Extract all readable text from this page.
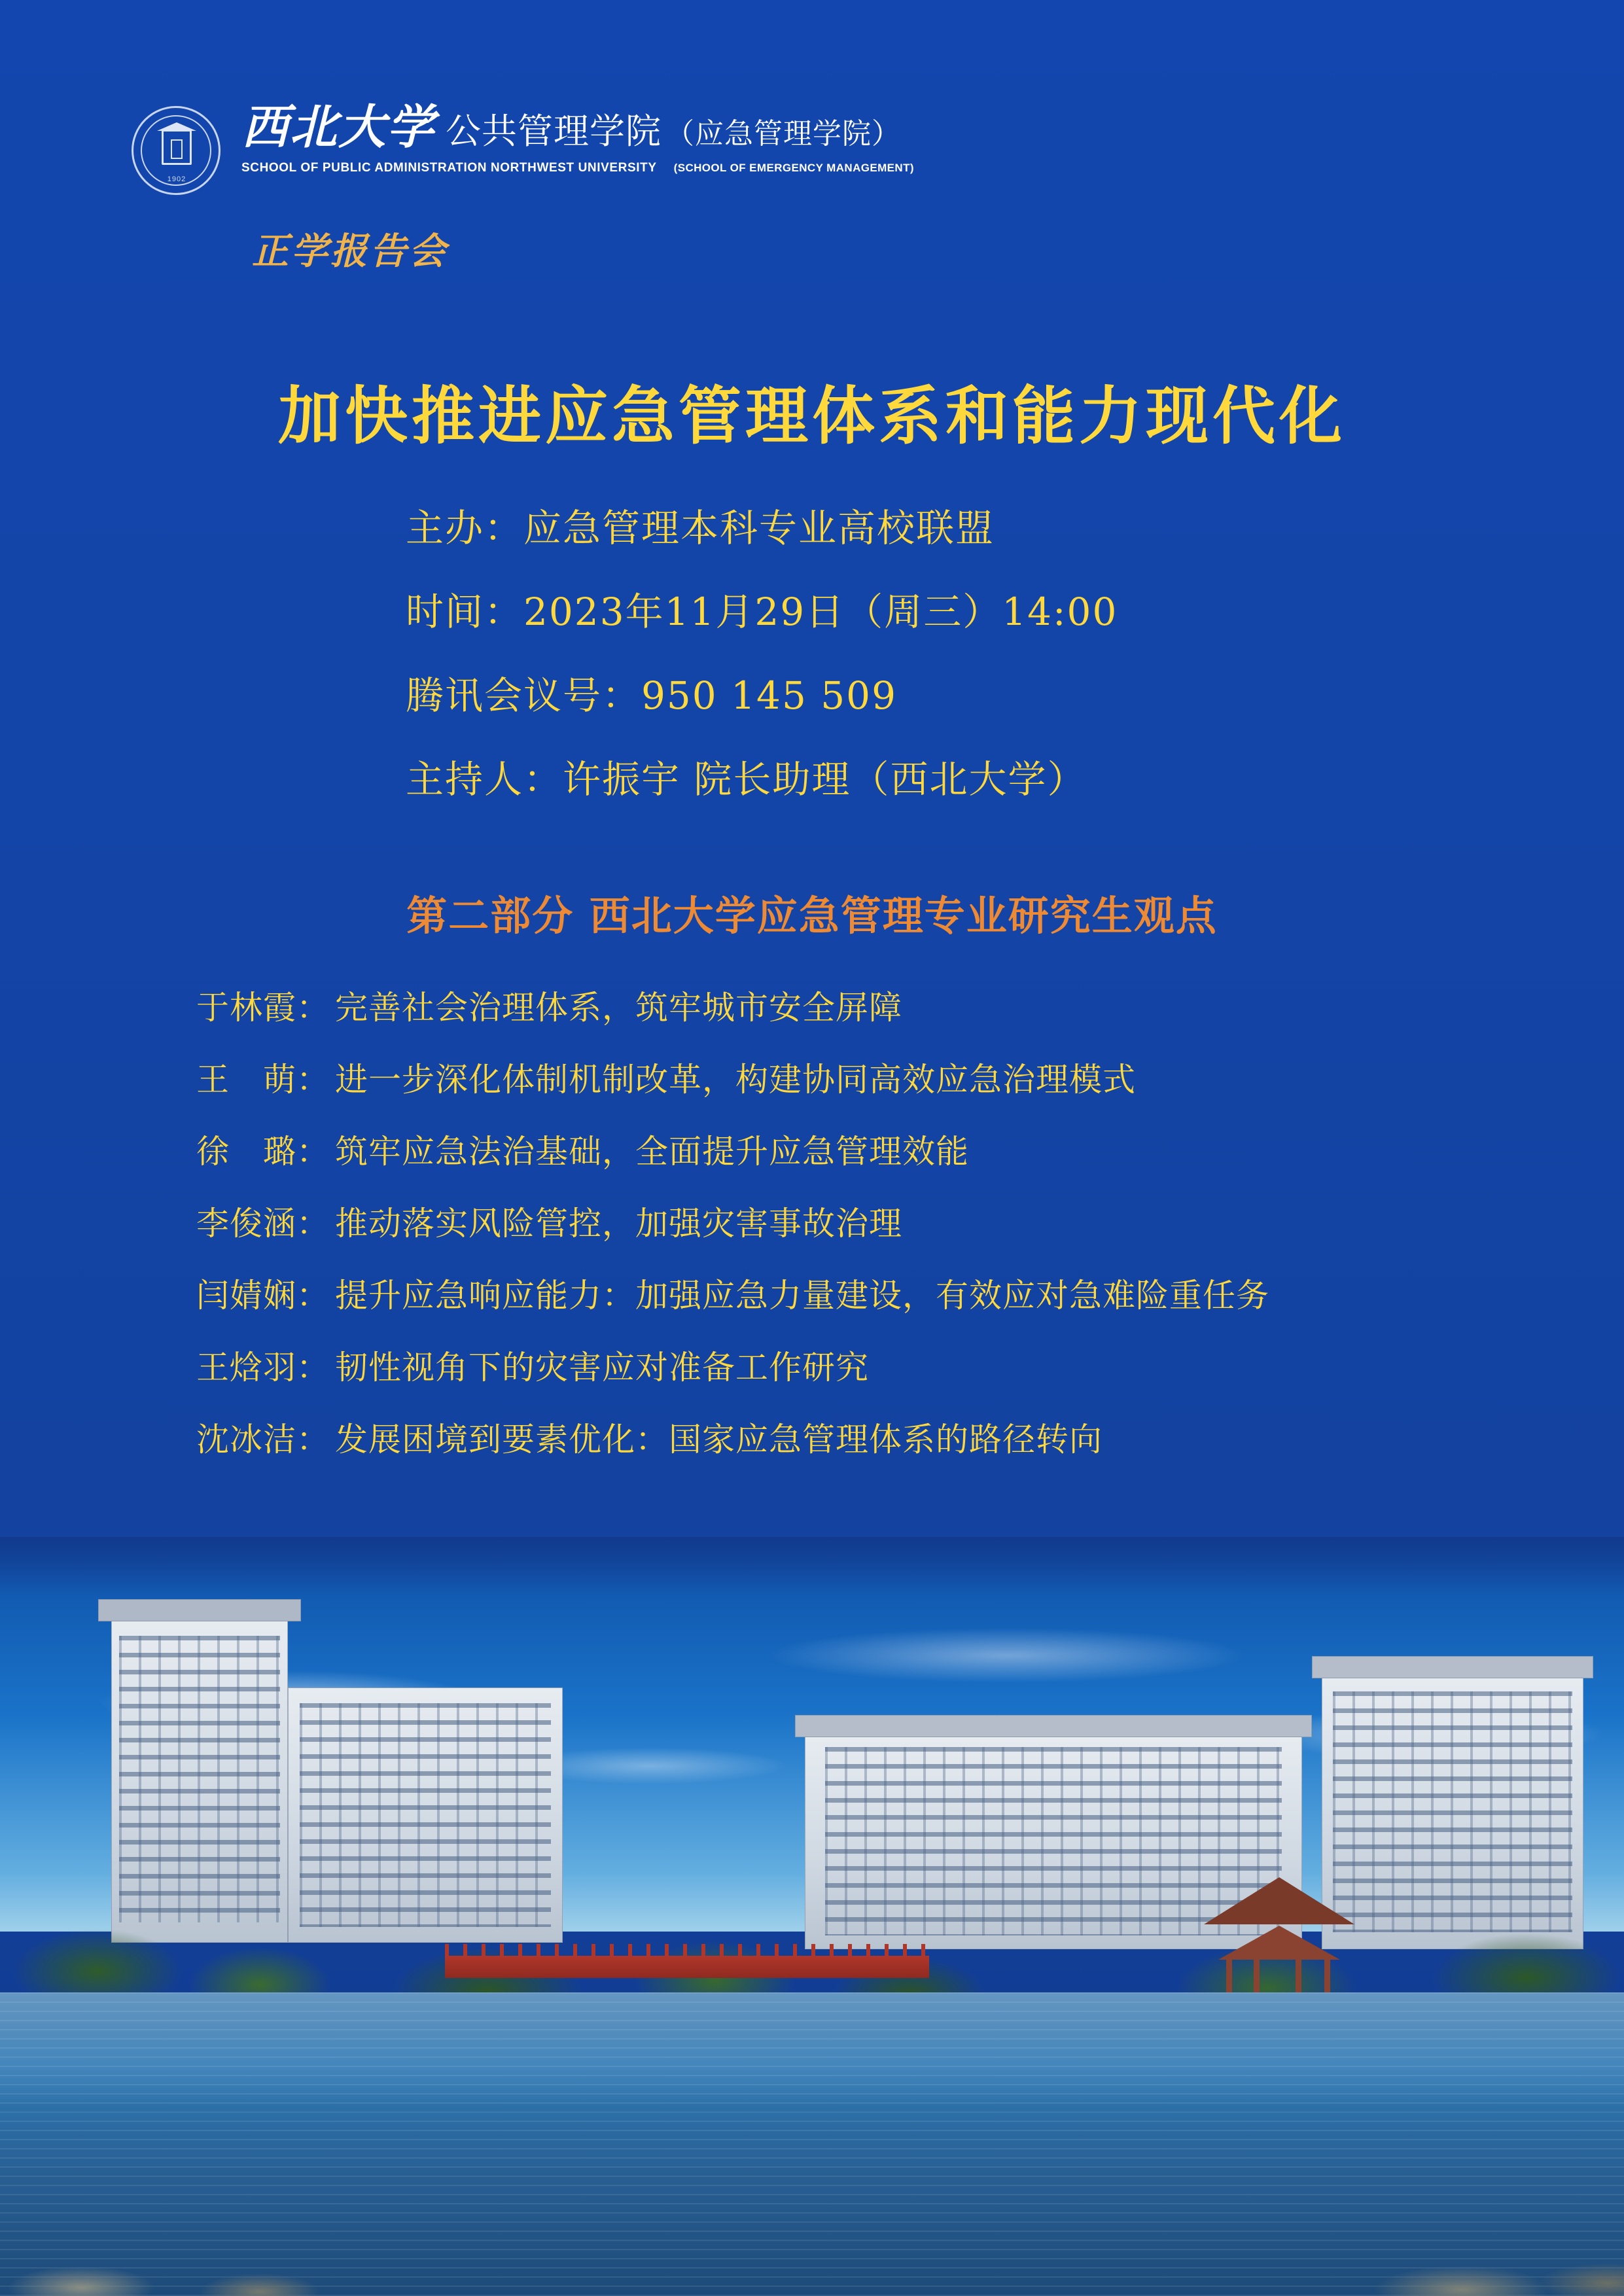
1902
西北大学 公共管理学院 （应急管理学院）
SCHOOL OF PUBLIC ADMINISTRATION NORTHWEST UNIVERSITY (SCHOOL OF EMERGENCY MANAGEMENT)
正学报告会
加快推进应急管理体系和能力现代化
主办：应急管理本科专业高校联盟
时间：2023年11月29日（周三）14:00
腾讯会议号：950 145 509
主持人：许振宇 院长助理（西北大学）
第二部分 西北大学应急管理专业研究生观点
于林霞： 完善社会治理体系，筑牢城市安全屏障
王　萌： 进一步深化体制机制改革，构建协同高效应急治理模式
徐　璐： 筑牢应急法治基础，全面提升应急管理效能
李俊涵： 推动落实风险管控，加强灾害事故治理
闫婧娴： 提升应急响应能力：加强应急力量建设，有效应对急难险重任务
王焓羽： 韧性视角下的灾害应对准备工作研究
沈冰洁： 发展困境到要素优化：国家应急管理体系的路径转向
